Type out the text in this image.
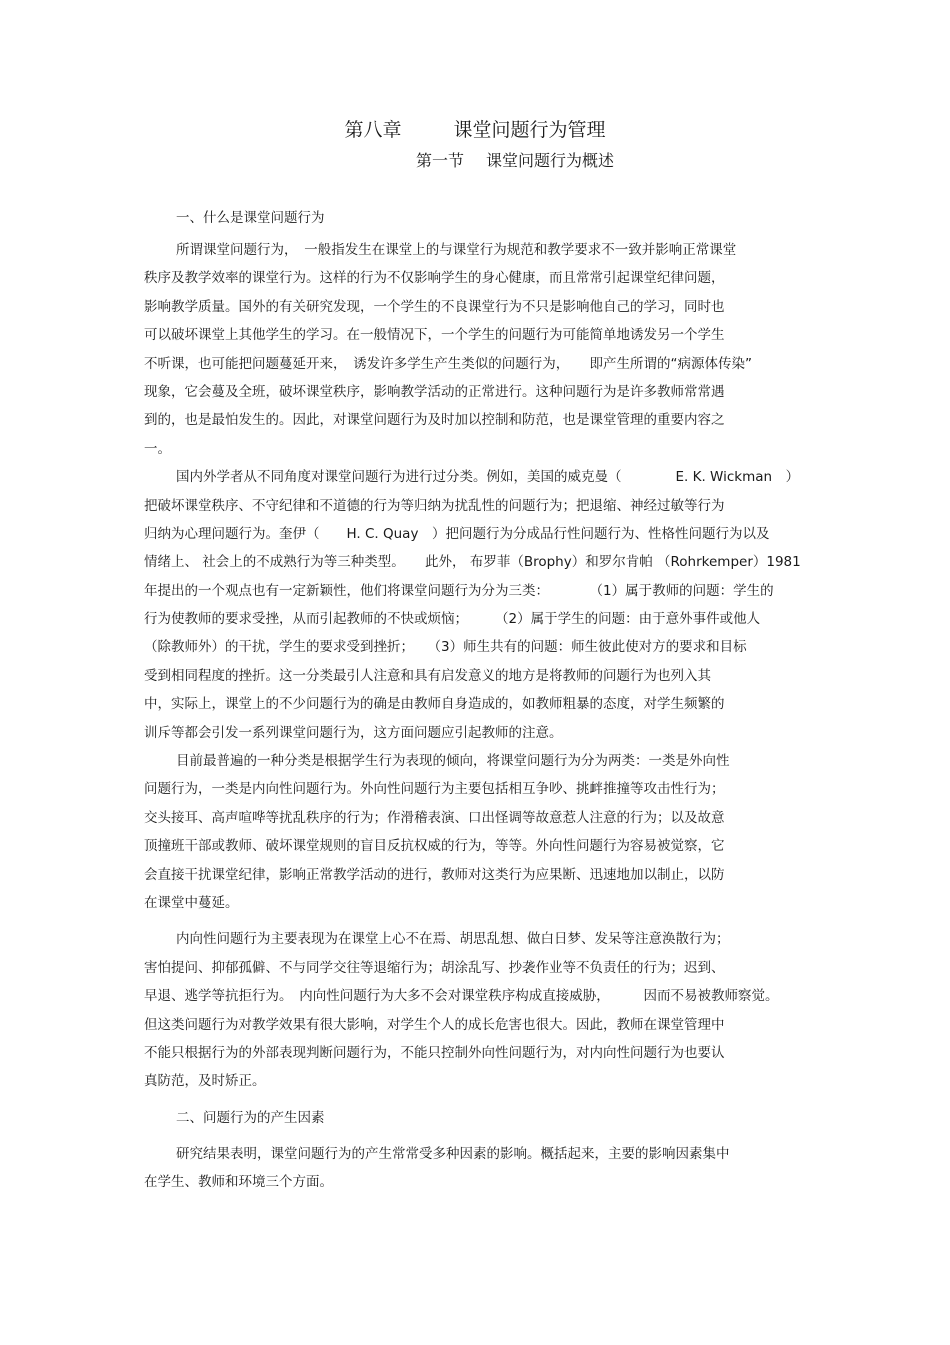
第八章	课堂问题行为管理
第一节 课堂问题行为概述
一、什么是课堂问题行为
所谓课堂问题行为，　一般指发生在课堂上的与课堂行为规范和教学要求不一致并影响正常课堂
秩序及教学效率的课堂行为。这样的行为不仅影响学生的身心健康，而且常常引起课堂纪律问题，
影响教学质量。国外的有关研究发现，一个学生的不良课堂行为不只是影响他自己的学习，同时也
可以破坏课堂上其他学生的学习。在一般情况下，一个学生的问题行为可能简单地诱发另一个学生
不听课，也可能把问题蔓延开来，　诱发许多学生产生类似的问题行为，　　即产生所谓的“病源体传染”
现象，它会蔓及全班，破坏课堂秩序，影响教学活动的正常进行。这种问题行为是许多教师常常遇
到的，也是最怕发生的。因此，对课堂问题行为及时加以控制和防范，也是课堂管理的重要内容之
一。
国内外学者从不同角度对课堂问题行为进行过分类。例如，美国的威克曼（　　　　E. K. Wickman　）
把破坏课堂秩序、不守纪律和不道德的行为等归纳为扰乱性的问题行为；把退缩、神经过敏等行为
归纳为心理问题行为。奎伊（　　H. C. Quay　）把问题行为分成品行性问题行为、性格性问题行为以及
情绪上、 社会上的不成熟行为等三种类型。　　此外， 布罗菲（Brophy）和罗尔肯帕 （Rohrkemper）1981
年提出的一个观点也有一定新颖性，他们将课堂问题行为分为三类：　　　　（1）属于教师的问题：学生的
行为使教师的要求受挫，从而引起教师的不快或烦恼；　　　（2）属于学生的问题：由于意外事件或他人
（除教师外）的干扰，学生的要求受到挫折；　　（3）师生共有的问题：师生彼此使对方的要求和目标
受到相同程度的挫折。这一分类最引人注意和具有启发意义的地方是将教师的问题行为也列入其
中，实际上，课堂上的不少问题行为的确是由教师自身造成的，如教师粗暴的态度，对学生频繁的
训斥等都会引发一系列课堂问题行为，这方面问题应引起教师的注意。
目前最普遍的一种分类是根据学生行为表现的倾向，将课堂问题行为分为两类：一类是外向性
问题行为，一类是内向性问题行为。外向性问题行为主要包括相互争吵、挑衅推撞等攻击性行为；
交头接耳、高声喧哗等扰乱秩序的行为；作滑稽表演、口出怪调等故意惹人注意的行为；以及故意
顶撞班干部或教师、破坏课堂规则的盲目反抗权威的行为，等等。外向性问题行为容易被觉察，它
会直接干扰课堂纪律，影响正常教学活动的进行，教师对这类行为应果断、迅速地加以制止，以防
在课堂中蔓延。
内向性问题行为主要表现为在课堂上心不在焉、胡思乱想、做白日梦、发呆等注意涣散行为；
害怕提问、抑郁孤僻、不与同学交往等退缩行为；胡涂乱写、抄袭作业等不负责任的行为；迟到、
早退、逃学等抗拒行为。　内向性问题行为大多不会对课堂秩序构成直接威胁，　　　因而不易被教师察觉。
但这类问题行为对教学效果有很大影响，对学生个人的成长危害也很大。因此，教师在课堂管理中
不能只根据行为的外部表现判断问题行为，不能只控制外向性问题行为，对内向性问题行为也要认
真防范，及时矫正。
二、问题行为的产生因素
研究结果表明，课堂问题行为的产生常常受多种因素的影响。概括起来，主要的影响因素集中
在学生、教师和环境三个方面。
